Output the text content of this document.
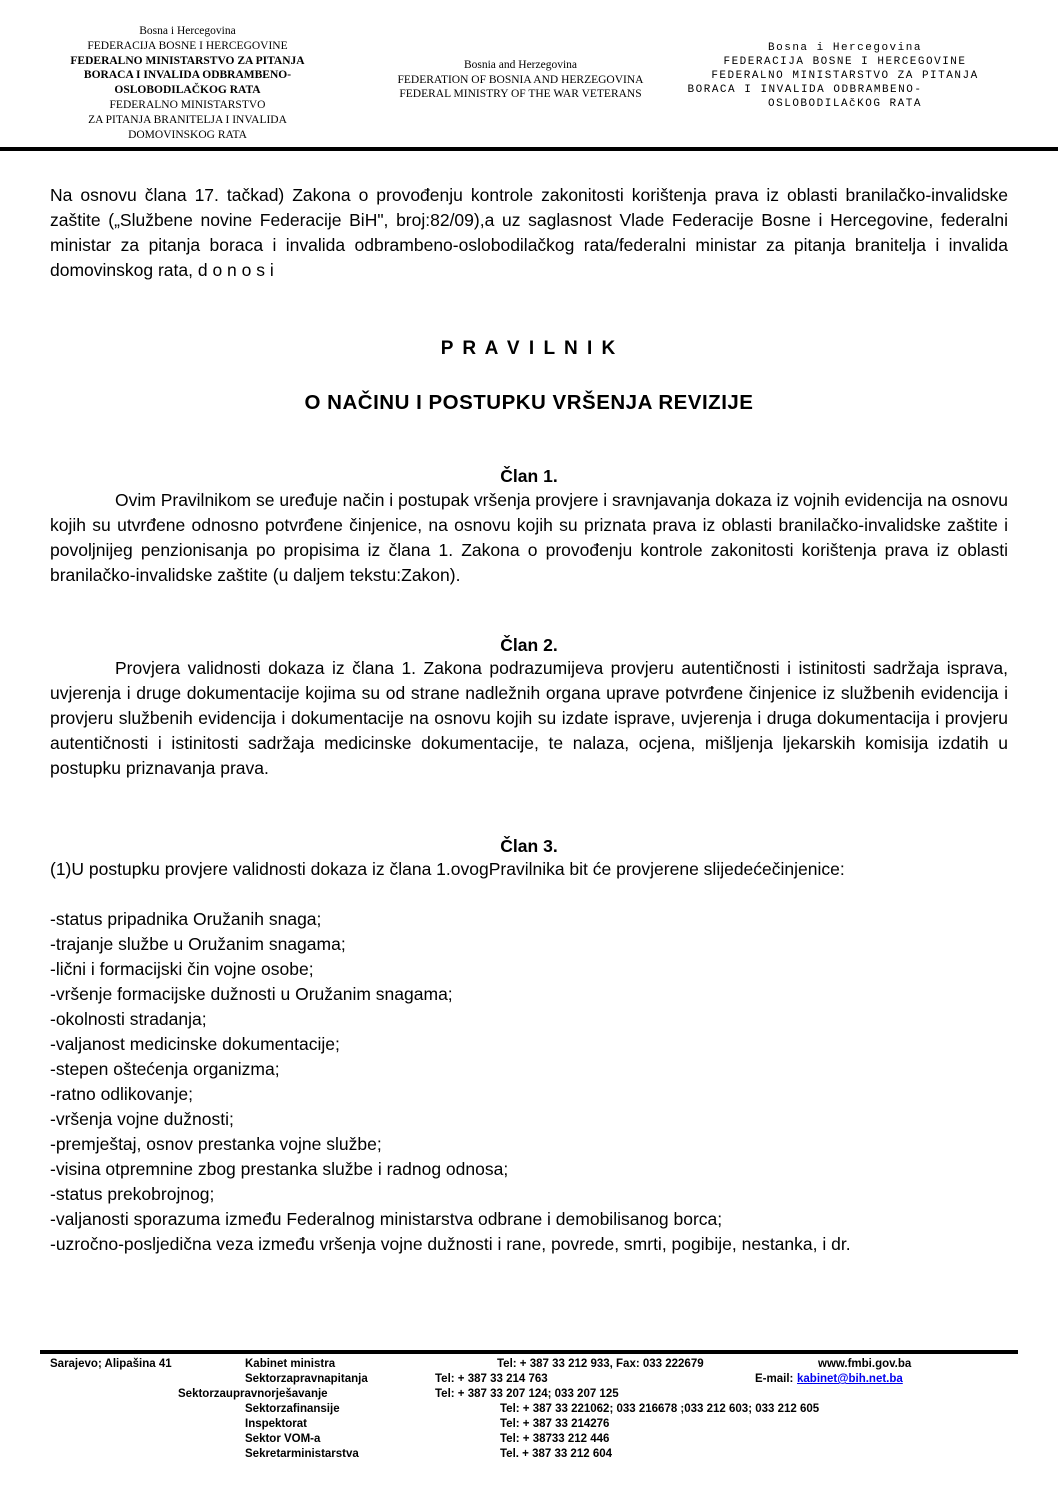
Bosna i Hercegovina
FEDERACIJA BOSNE I HERCEGOVINE
FEDERALNO MINISTARSTVO ZA PITANJA
BORACA I INVALIDA ODBRAMBENO-
OSLOBODILAČKOG RATA
FEDERALNO MINISTARSTVO
ZA PITANJA BRANITELJA I INVALIDA
DOMOVINSKOG RATA
Bosnia and Herzegovina
FEDERATION OF BOSNIA AND HERZEGOVINA
FEDERAL MINISTRY OF THE WAR VETERANS
Bosna i Hercegovina
FEDERACIJA BOSNE I HERCEGOVINE
FEDERALNO MINISTARSTVO ZA PITANJA
BORACA I INVALIDA ODBRAMBENO-
OSLOBODILAčKOG RATA

Na osnovu člana 17. tačkad) Zakona o provođenju kontrole zakonitosti korištenja prava iz oblasti branilačko-invalidske zaštite („Službene novine Federacije BiH", broj:82/09),a uz saglasnost Vlade Federacije Bosne i Hercegovine, federalni ministar za pitanja boraca i invalida odbrambeno-oslobodilačkog rata/federalni ministar za pitanja branitelja i invalida domovinskog rata, d o n o s i

P R A V I L N I K
O NAČINU I POSTUPKU VRŠENJA REVIZIJE
Član 1.

Ovim Pravilnikom se uređuje način i postupak vršenja provjere i sravnjavanja dokaza iz vojnih evidencija na osnovu kojih su utvrđene odnosno potvrđene činjenice, na osnovu kojih su priznata prava iz oblasti branilačko-invalidske zaštite i povoljnijeg penzionisanja po propisima iz člana 1. Zakona o provođenju kontrole zakonitosti korištenja prava iz oblasti branilačko-invalidske zaštite (u daljem tekstu:Zakon).

Član 2.

Provjera validnosti dokaza iz člana 1. Zakona podrazumijeva provjeru autentičnosti i istinitosti sadržaja isprava, uvjerenja i druge dokumentacije kojima su od strane nadležnih organa uprave potvrđene činjenice iz službenih evidencija i provjeru službenih evidencija i dokumentacije na osnovu kojih su izdate isprave, uvjerenja i druga dokumentacija i provjeru autentičnosti i istinitosti sadržaja medicinske dokumentacije, te nalaza, ocjena, mišljenja ljekarskih komisija izdatih u postupku priznavanja prava.

Član 3.

(1)U postupku provjere validnosti dokaza iz člana 1.ovogPravilnika bit će provjerene slijedećečinjenice:

-status pripadnika Oružanih snaga;
-trajanje službe u Oružanim snagama;
-lični i formacijski čin vojne osobe;
-vršenje formacijske dužnosti u Oružanim snagama;
-okolnosti stradanja;
-valjanost medicinske dokumentacije;
-stepen oštećenja organizma;
-ratno odlikovanje;
-vršenja vojne dužnosti;
-premještaj, osnov prestanka vojne službe;
-visina otpremnine zbog prestanka službe i radnog odnosa;
-status prekobrojnog;
-valjanosti sporazuma između Federalnog ministarstva odbrane i demobilisanog borca;
-uzročno-posljedična veza između vršenja vojne dužnosti i rane, povrede, smrti, pogibije, nestanka, i dr.
Sarajevo; Alipašina 41	Kabinet ministra	Tel: + 387 33 212 933, Fax: 033 222679	www.fmbi.gov.ba
Sektorzapravnapitanja	Tel: + 387 33 214 763	E-mail: kabinet@bih.net.ba
Sektorzaupravnorješavanje	Tel: + 387 33 207 124; 033 207 125
Sektorzafinansije	Tel: + 387 33 221062; 033 216678 ;033 212 603; 033 212 605
Inspektorat	Tel: + 387 33 214276
Sektor VOM-a	Tel: + 38733 212 446
Sekretarministarstva	Tel. + 387 33 212 604
